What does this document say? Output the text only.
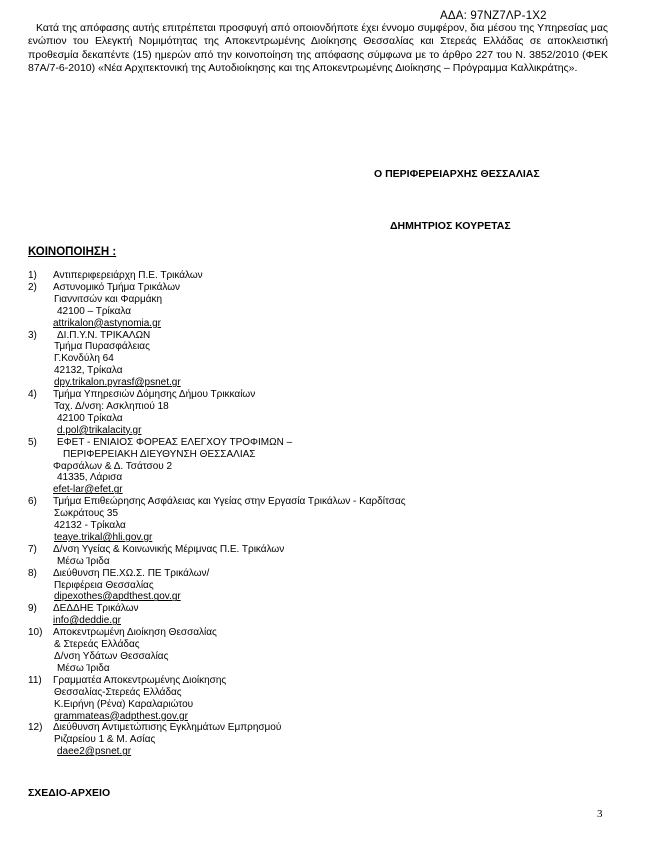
ΑΔΑ: 97ΝΖ7ΛΡ-1Χ2

Κατά της απόφασης αυτής επιτρέπεται προσφυγή από οποιονδήποτε έχει έννομο συμφέρον, δια μέσου της Υπηρεσίας μας ενώπιον του Ελεγκτή Νομιμότητας της Αποκεντρωμένης Διοίκησης Θεσσαλίας και Στερεάς Ελλάδας σε αποκλειστική προθεσμία δεκαπέντε (15) ημερών από την κοινοποίηση της απόφασης σύμφωνα με το άρθρο 227 του Ν. 3852/2010 (ΦΕΚ 87Α/7-6-2010) «Νέα Αρχιτεκτονική της Αυτοδιοίκησης και της Αποκεντρωμένης Διοίκησης – Πρόγραμμα Καλλικράτης».

Ο ΠΕΡΙΦΕΡΕΙΑΡΧΗΣ ΘΕΣΣΑΛΙΑΣ
ΔΗΜΗΤΡΙΟΣ ΚΟΥΡΕΤΑΣ
ΚΟΙΝΟΠΟΙΗΣΗ :
1) Αντιπεριφερειάρχη Π.Ε. Τρικάλων
2) Αστυνομικό Τμήμα Τρικάλων
Γιαννιτσών και Φαρμάκη
42100 – Τρίκαλα
attrikalon@astynomia.gr
3)	ΔΙ.Π.Υ.Ν. ΤΡΙΚΑΛΩΝ
Τμήμα Πυρασφάλειας
Γ.Κονδύλη 64
42132, Τρίκαλα
dpy.trikalon.pyrasf@psnet.gr
4) Τμήμα Υπηρεσιών Δόμησης Δήμου Τρικκαίων
Ταχ. Δ/νση: Ασκληπιού 18
42100 Τρίκαλα
d.pol@trikalacity.gr
5)	ΕΦΕΤ - ΕΝΙΑΙΟΣ ΦΟΡΕΑΣ ΕΛΕΓΧΟΥ ΤΡΟΦΙΜΩΝ –
ΠΕΡΙΦΕΡΕΙΑΚΗ ΔΙΕΥΘΥΝΣΗ ΘΕΣΣΑΛΙΑΣ
Φαρσάλων & Δ. Τσάτσου 2
41335, Λάρισα
efet-lar@efet.gr
6) Τμήμα Επιθεώρησης Ασφάλειας και Υγείας στην Εργασία Τρικάλων - Καρδίτσας
Σωκράτους 35
42132 - Τρίκαλα
teaye.trikal@hli.gov.gr
7) Δ/νση Υγείας & Κοινωνικής Μέριμνας Π.Ε. Τρικάλων
Μέσω Ίριδα
8) Διεύθυνση ΠΕ.ΧΩ.Σ. ΠΕ Τρικάλων/
Περιφέρεια Θεσσαλίας
dipexothes@apdthest.gov.gr
9) ΔΕΔΔΗΕ Τρικάλων
info@deddie.gr
10) Αποκεντρωμένη Διοίκηση Θεσσαλίας
& Στερεάς Ελλάδας
Δ/νση Υδάτων Θεσσαλίας
Μέσω Ίριδα
11) Γραμματέα Αποκεντρωμένης Διοίκησης
Θεσσαλίας-Στερεάς Ελλάδας
Κ.Ειρήνη (Ρένα) Καραλαριώτου
grammateas@adpthest.gov.gr
12) Διεύθυνση Αντιμετώπισης Εγκλημάτων Εμπρησμού
Ριζαρείου 1 & Μ. Ασίας
daee2@psnet.gr
ΣΧΕΔΙΟ-ΑΡΧΕΙΟ
3
